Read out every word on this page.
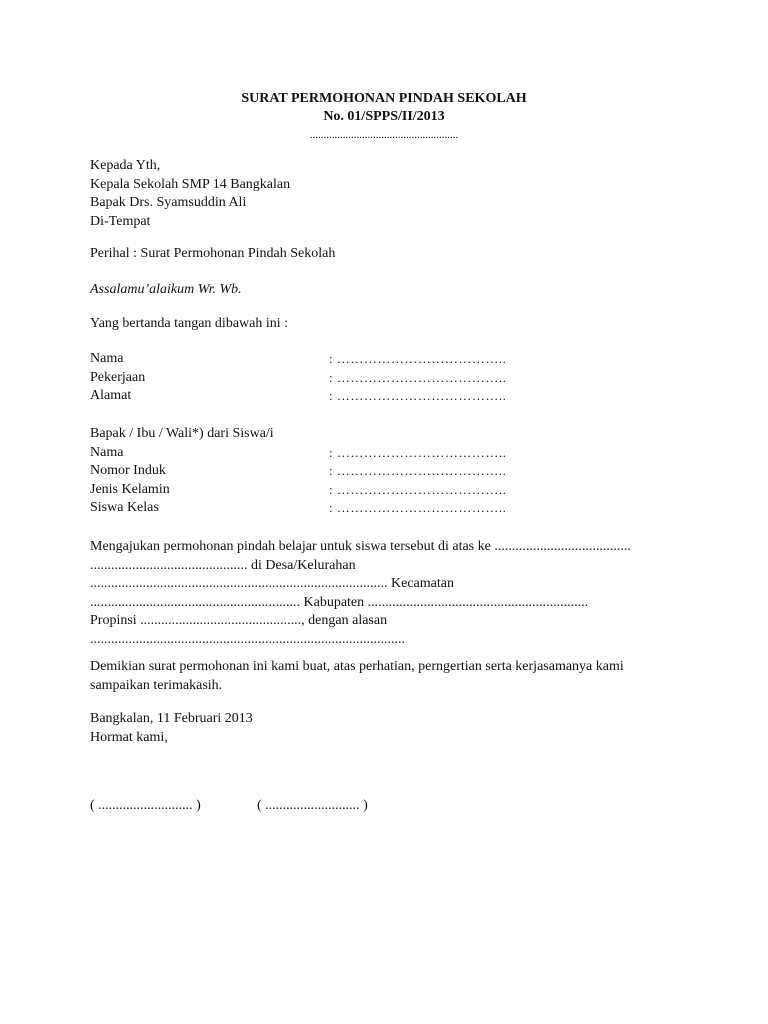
SURAT PERMOHONAN PINDAH SEKOLAH
No. 01/SPPS/II/2013
......................................................
Kepada Yth,
Kepala Sekolah SMP 14 Bangkalan
Bapak Drs. Syamsuddin Ali
Di-Tempat
Perihal : Surat Permohonan Pindah Sekolah
Assalamu’alaikum Wr. Wb.
Yang bertanda tangan dibawah ini :
Nama	: ………………………………..
Pekerjaan	: ………………………………..
Alamat	: ………………………………..
Bapak / Ibu / Wali*) dari Siswa/i
Nama	: ………………………………..
Nomor Induk	: ………………………………..
Jenis Kelamin	: ………………………………..
Siswa Kelas	: ………………………………..
Mengajukan permohonan pindah belajar untuk siswa tersebut di atas ke .......................................
............................................. di Desa/Kelurahan
..................................................................................... Kecamatan
............................................................ Kabupaten ...............................................................
Propinsi .............................................., dengan alasan
..........................................................................................
Demikian surat permohonan ini kami buat, atas perhatian, perngertian serta kerjasamanya kami
sampaikan terimakasih.
Bangkalan, 11 Februari 2013
Hormat kami,
( ........................... )	( ........................... )
